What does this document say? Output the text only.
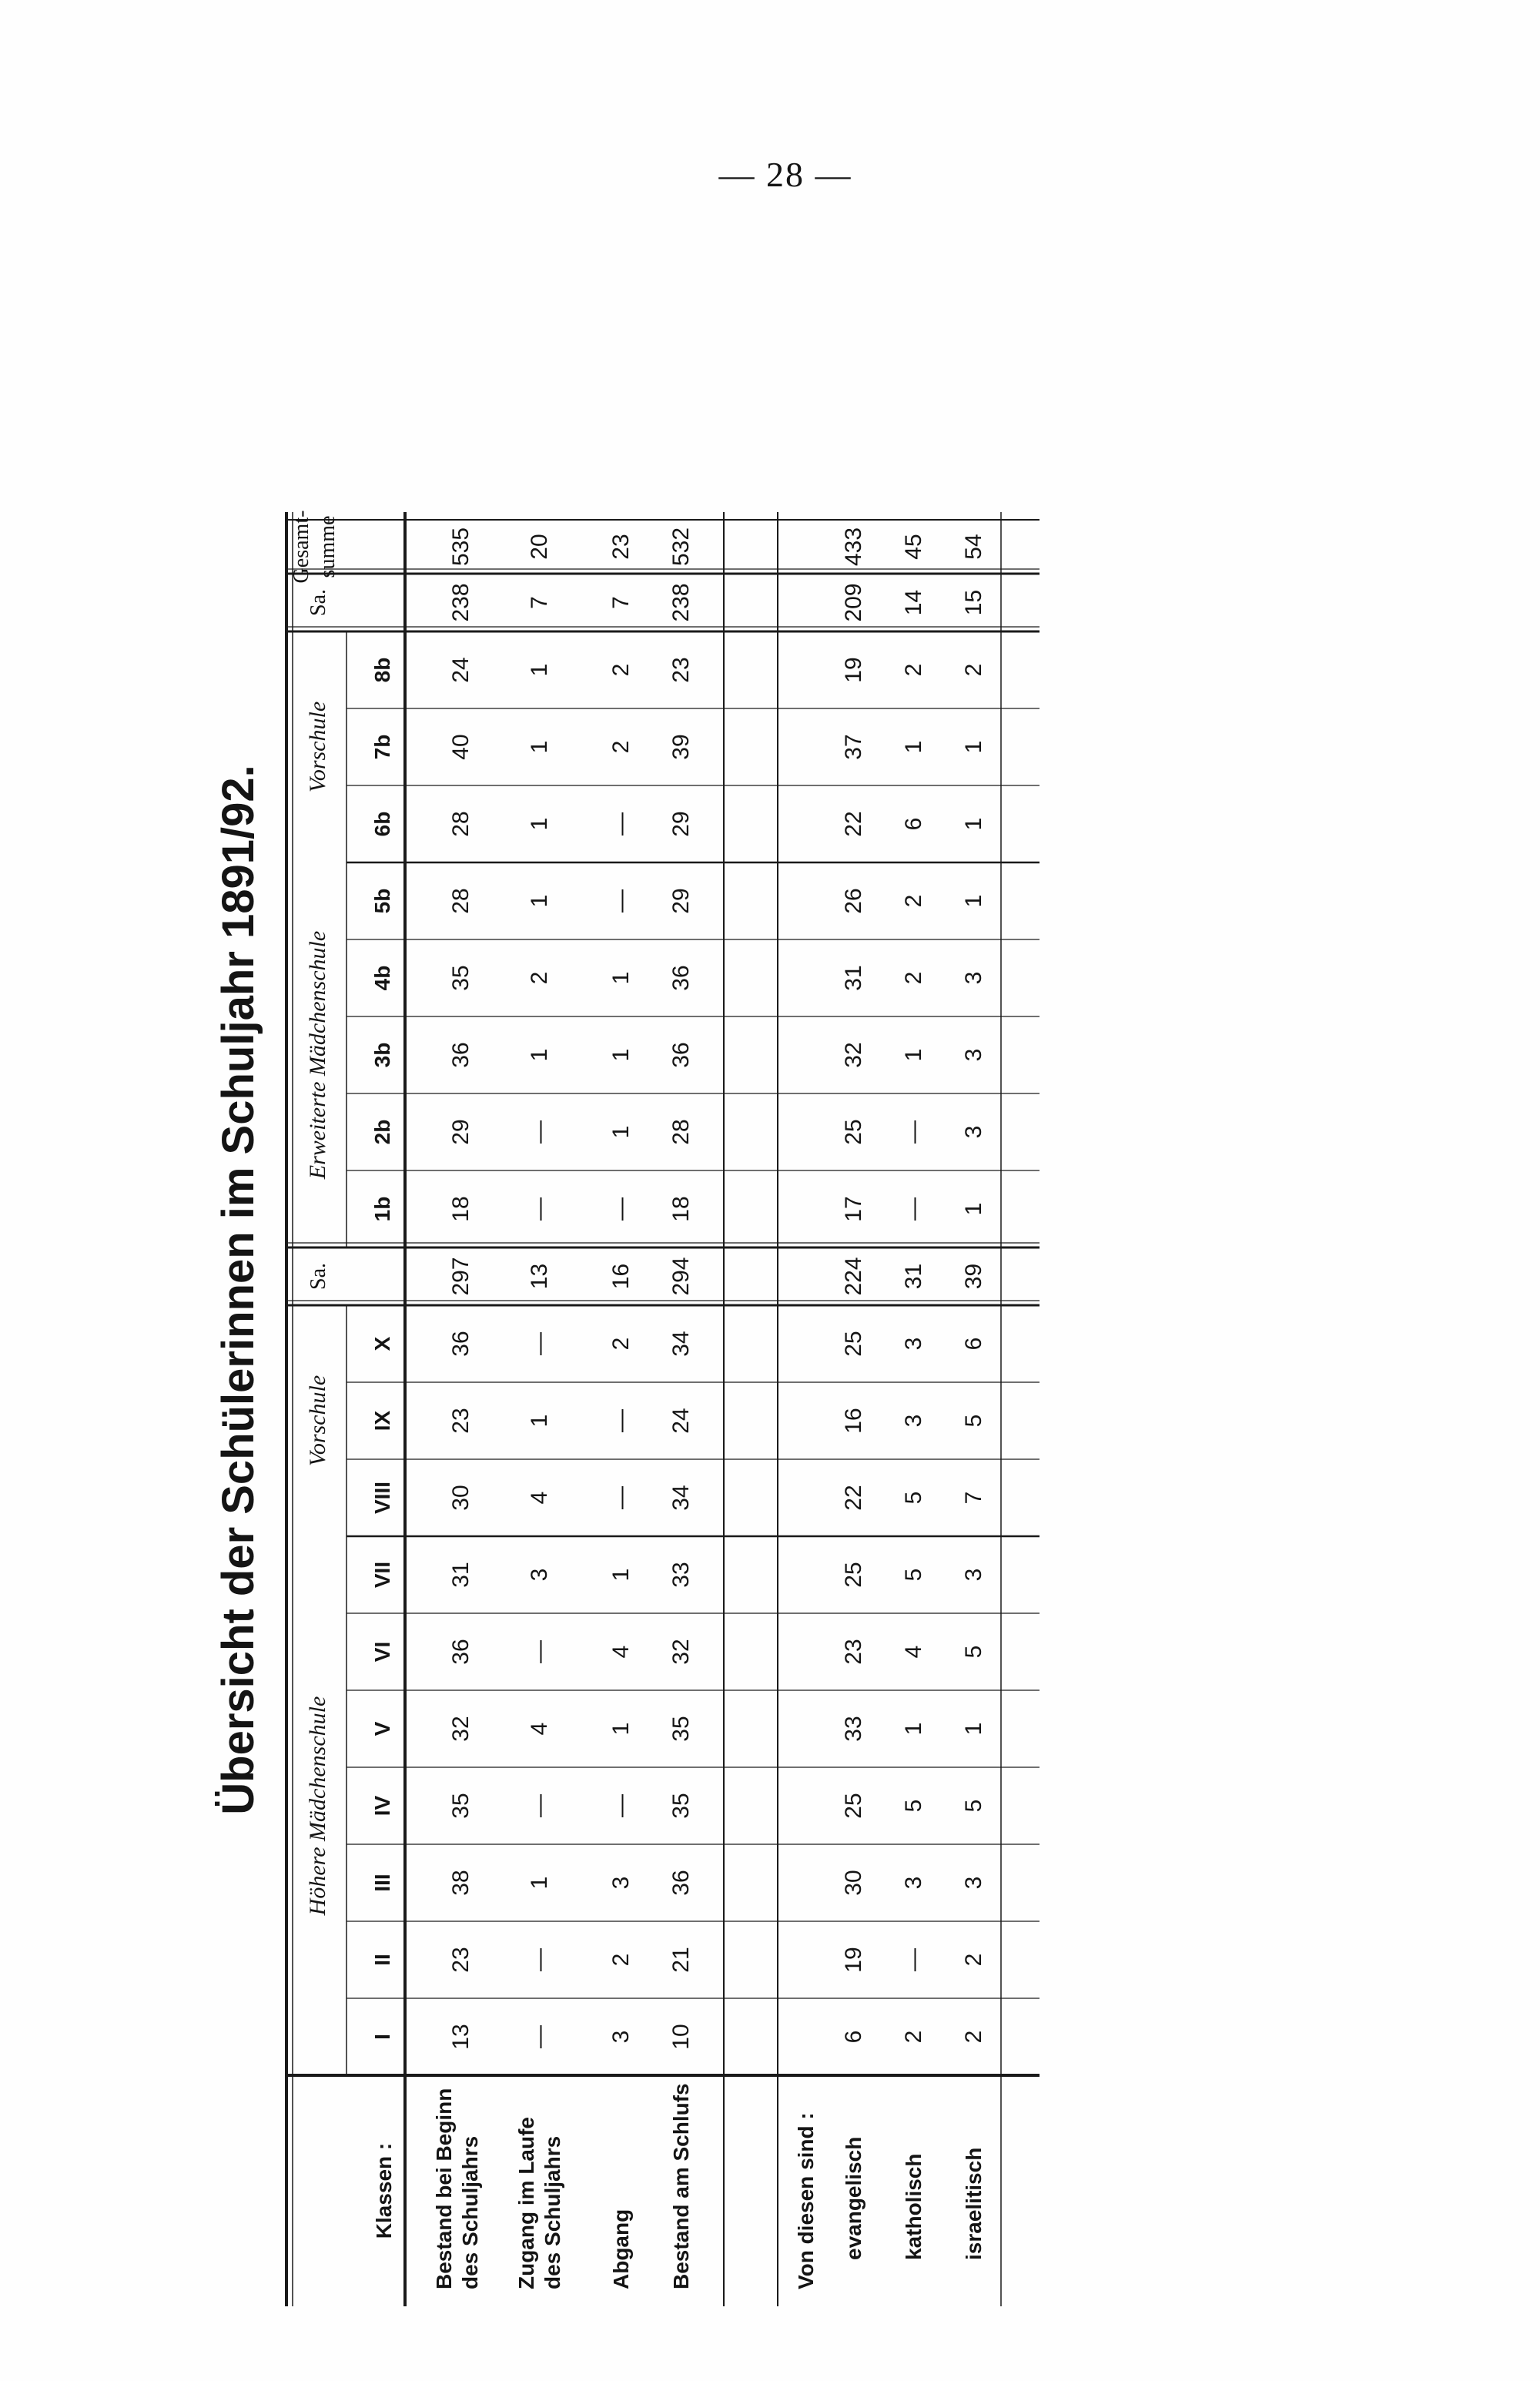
— 28 —
Übersicht der Schülerinnen im Schuljahr 1891/92.
Klassen :
Höhere Mädchenschule
Vorschule
Erweiterte Mädchenschule
Vorschule
Sa.
Sa.
Gesamt- summe
I
II
III
IV
V
VI
VII
VIII
IX
X
1b
2b
3b
4b
5b
6b
7b
8b
Bestand bei Beginn des Schuljahrs Zugang im Laufe des Schuljahrs Abgang Bestand am Schlufs	Von diesen sind : evangelisch katholisch israelitisch
13
23
38
35
32
36
31
30
23
36
297
18
29
36
35
28
28
40
24
238
535
—
—
1
—
4
—
3
4
1
—
13
—
—
1
2
1
1
1
1
7
20
3
2
3
—
1
4
1
—
—
2
16
—
1
1
1
—
—
2
2
7
23
10
21
36
35
35
32
33
34
24
34
294
18
28
36
36
29
29
39
23
238
532
6
19
30
25
33
23
25
22
16
25
224
17
25
32
31
26
22
37
19
209
433
2
—
3
5
1
4
5
5
3
3
31
—
—
1
2
2
6
1
2
14
45
2
2
3
5
1
5
3
7
5
6
39
1
3
3
3
1
1
1
2
15
54
